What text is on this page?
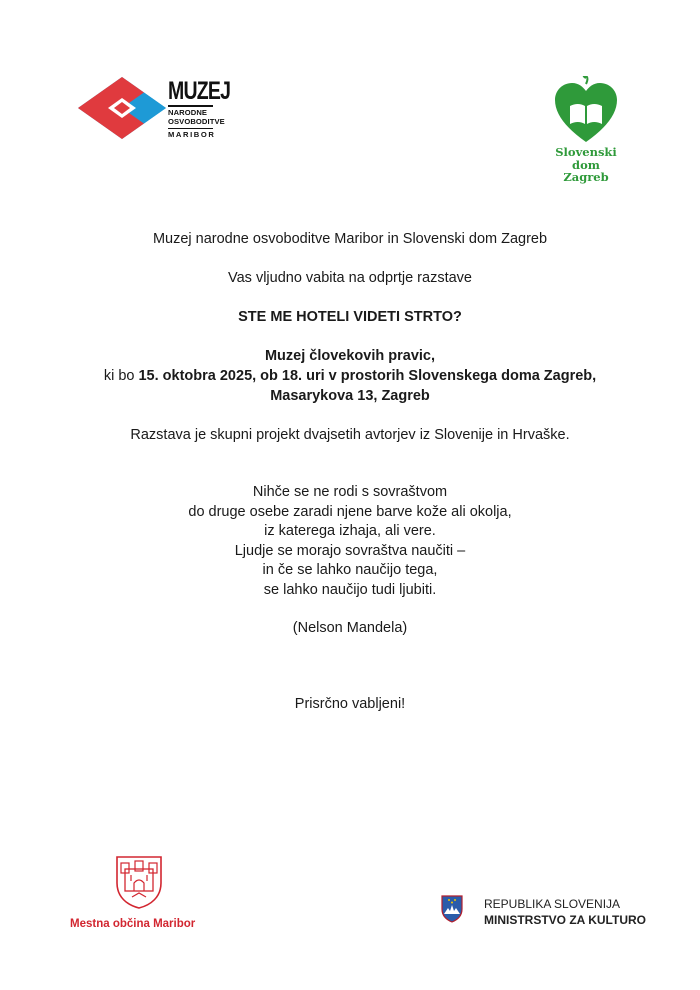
MUZEJ
NARODNE
OSVOBODITVE
MARIBOR
Slovenski
dom
Zagreb
Muzej narodne osvoboditve Maribor in Slovenski dom Zagreb
Vas vljudno vabita na odprtje razstave
STE ME HOTELI VIDETI STRTO?
Muzej človekovih pravic,
ki bo 15. oktobra 2025, ob 18. uri v prostorih Slovenskega doma Zagreb,
Masarykova 13, Zagreb
Razstava je skupni projekt dvajsetih avtorjev iz Slovenije in Hrvaške.
Nihče se ne rodi s sovraštvom
do druge osebe zaradi njene barve kože ali okolja,
iz katerega izhaja, ali vere.
Ljudje se morajo sovraštva naučiti –
in če se lahko naučijo tega,
se lahko naučijo tudi ljubiti.
(Nelson Mandela)
Prisrčno vabljeni!
Mestna občina Maribor
REPUBLIKA SLOVENIJA
MINISTRSTVO ZA KULTURO
